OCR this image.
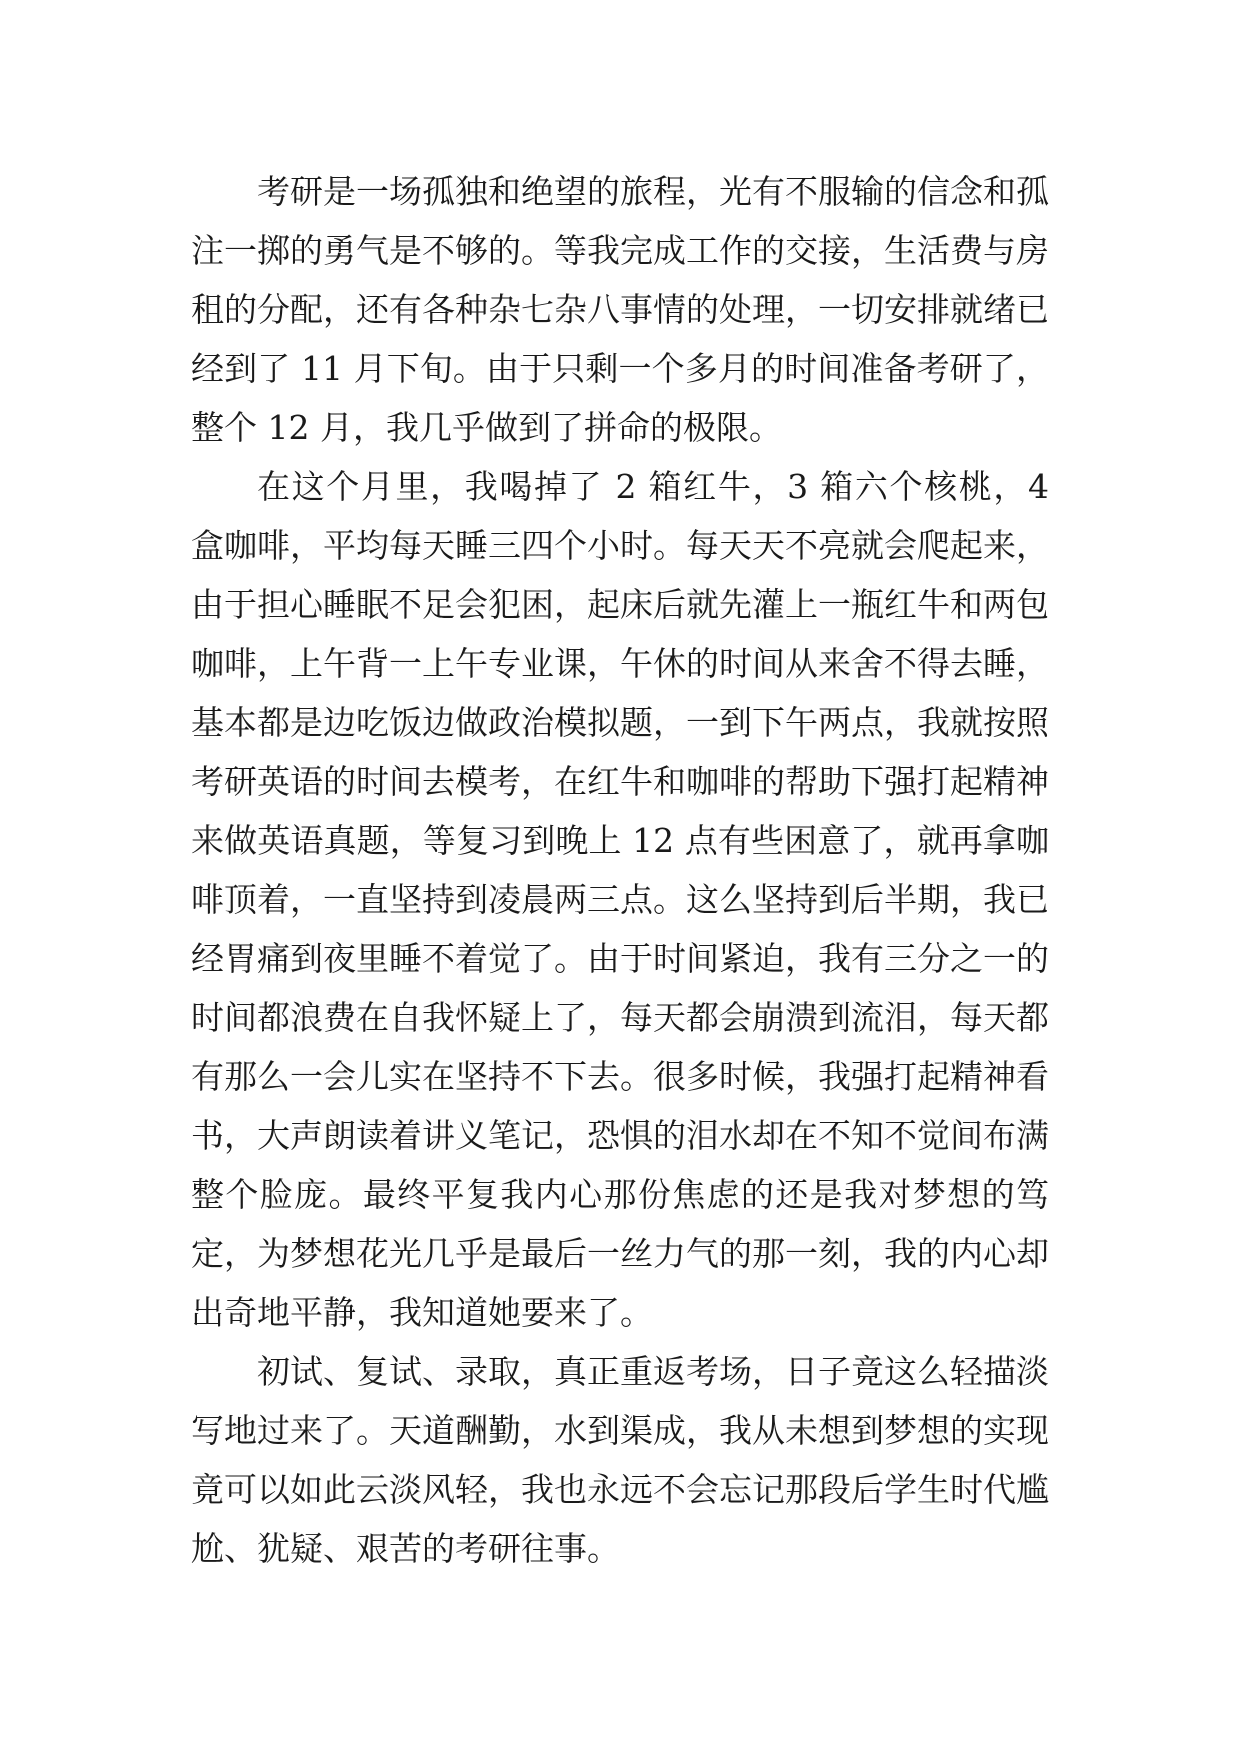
考研是一场孤独和绝望的旅程，光有不服输的信念和孤注一掷的勇气是不够的。等我完成工作的交接，生活费与房租的分配，还有各种杂七杂八事情的处理，一切安排就绪已经到了 11 月下旬。由于只剩一个多月的时间准备考研了，整个 12 月，我几乎做到了拼命的极限。

在这个月里，我喝掉了 2 箱红牛，3 箱六个核桃，4 盒咖啡，平均每天睡三四个小时。每天天不亮就会爬起来，由于担心睡眠不足会犯困，起床后就先灌上一瓶红牛和两包咖啡，上午背一上午专业课，午休的时间从来舍不得去睡，基本都是边吃饭边做政治模拟题，一到下午两点，我就按照考研英语的时间去模考，在红牛和咖啡的帮助下强打起精神来做英语真题，等复习到晚上 12 点有些困意了，就再拿咖啡顶着，一直坚持到凌晨两三点。这么坚持到后半期，我已经胃痛到夜里睡不着觉了。由于时间紧迫，我有三分之一的时间都浪费在自我怀疑上了，每天都会崩溃到流泪，每天都有那么一会儿实在坚持不下去。很多时候，我强打起精神看书，大声朗读着讲义笔记，恐惧的泪水却在不知不觉间布满整个脸庞。最终平复我内心那份焦虑的还是我对梦想的笃定，为梦想花光几乎是最后一丝力气的那一刻，我的内心却出奇地平静，我知道她要来了。

初试、复试、录取，真正重返考场，日子竟这么轻描淡写地过来了。天道酬勤，水到渠成，我从未想到梦想的实现竟可以如此云淡风轻，我也永远不会忘记那段后学生时代尴尬、犹疑、艰苦的考研往事。
